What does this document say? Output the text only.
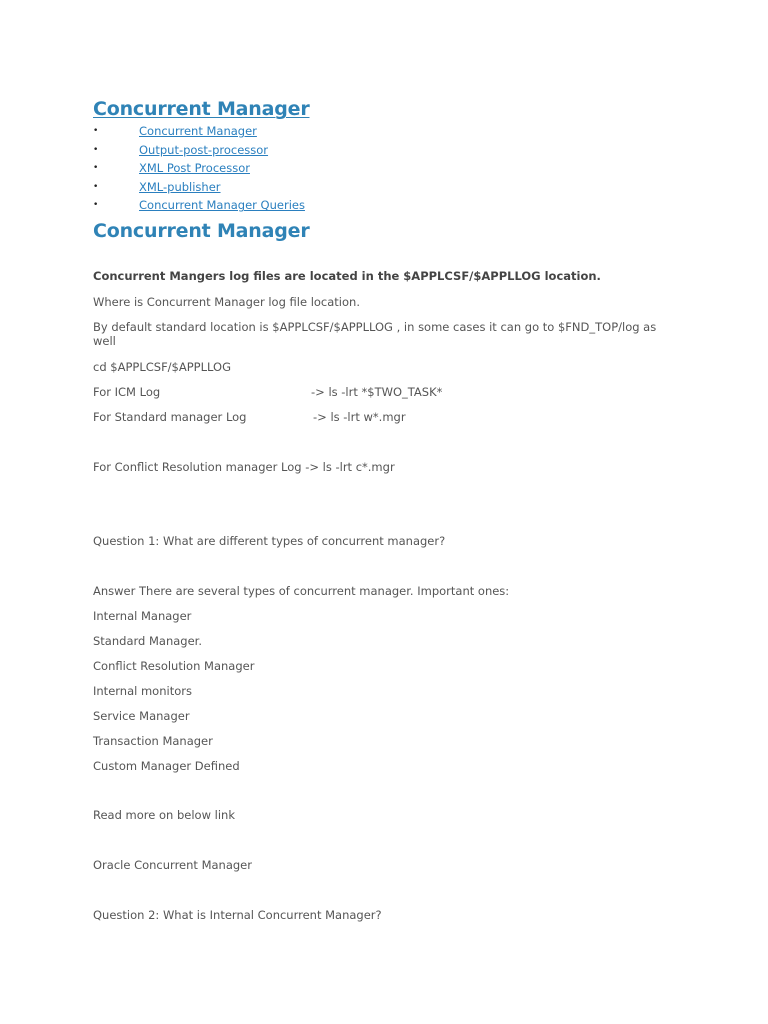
Concurrent Manager
•	Concurrent Manager
•	Output-post-processor
•	XML Post Processor
•	XML-publisher
•	Concurrent Manager Queries
Concurrent Manager
Concurrent Mangers log files are located in the $APPLCSF/$APPLLOG location.
Where is Concurrent Manager log file location.
By default standard location is $APPLCSF/$APPLLOG , in some cases it can go to $FND_TOP/log as well
cd $APPLCSF/$APPLLOG
For ICM Log	-> ls -lrt *$TWO_TASK*
For Standard manager Log	-> ls -lrt w*.mgr
For Conflict Resolution manager Log -> ls -lrt c*.mgr
Question 1: What are different types of concurrent manager?
Answer There are several types of concurrent manager. Important ones:
Internal Manager
Standard Manager.
Conflict Resolution Manager
Internal monitors
Service Manager
Transaction Manager
Custom Manager Defined
Read more on below link
Oracle Concurrent Manager
Question 2: What is Internal Concurrent Manager?
